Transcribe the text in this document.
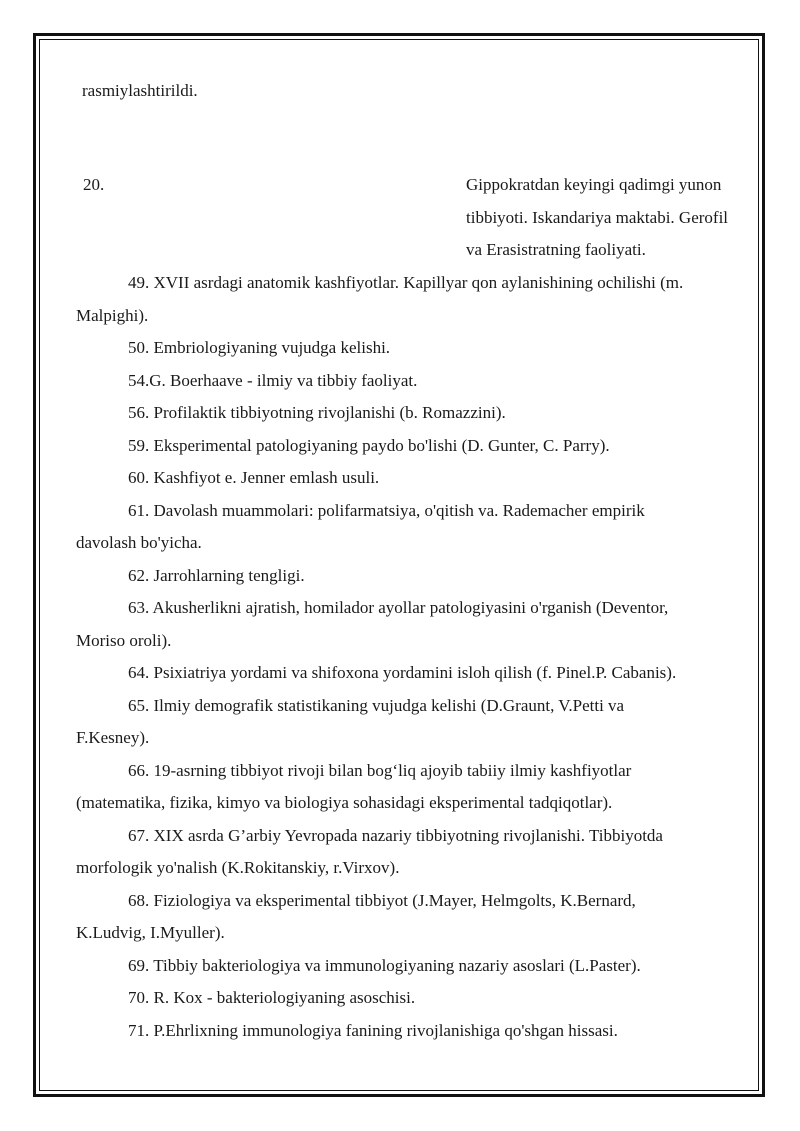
rasmiylashtirildi.
20.	Gippokratdan keyingi qadimgi yunon
tibbiyoti. Iskandariya maktabi. Gerofil
va Erasistratning faoliyati.
49. XVII asrdagi anatomik kashfiyotlar. Kapillyar qon aylanishining ochilishi (m.
Malpighi).
50. Embriologiyaning vujudga kelishi.
54.G. Boerhaave - ilmiy va tibbiy faoliyat.
56. Profilaktik tibbiyotning rivojlanishi (b. Romazzini).
59. Eksperimental patologiyaning paydo bo'lishi (D. Gunter, C. Parry).
60. Kashfiyot e. Jenner emlash usuli.
61. Davolash muammolari: polifarmatsiya, o'qitish va. Rademacher empirik
davolash bo'yicha.
62. Jarrohlarning tengligi.
63. Akusherlikni ajratish, homilador ayollar patologiyasini o'rganish (Deventor,
Moriso oroli).
64. Psixiatriya yordami va shifoxona yordamini isloh qilish (f. Pinel.P. Cabanis).
65. Ilmiy demografik statistikaning vujudga kelishi (D.Graunt, V.Petti va
F.Kesney).
66. 19-asrning tibbiyot rivoji bilan bog‘liq ajoyib tabiiy ilmiy kashfiyotlar
(matematika, fizika, kimyo va biologiya sohasidagi eksperimental tadqiqotlar).
67. XIX asrda G’arbiy Yevropada nazariy tibbiyotning rivojlanishi. Tibbiyotda
morfologik yo'nalish (K.Rokitanskiy, r.Virxov).
68. Fiziologiya va eksperimental tibbiyot (J.Mayer, Helmgolts, K.Bernard,
K.Ludvig, I.Myuller).
69. Tibbiy bakteriologiya va immunologiyaning nazariy asoslari (L.Paster).
70. R. Kox - bakteriologiyaning asoschisi.
71. P.Ehrlixning immunologiya fanining rivojlanishiga qo'shgan hissasi.
